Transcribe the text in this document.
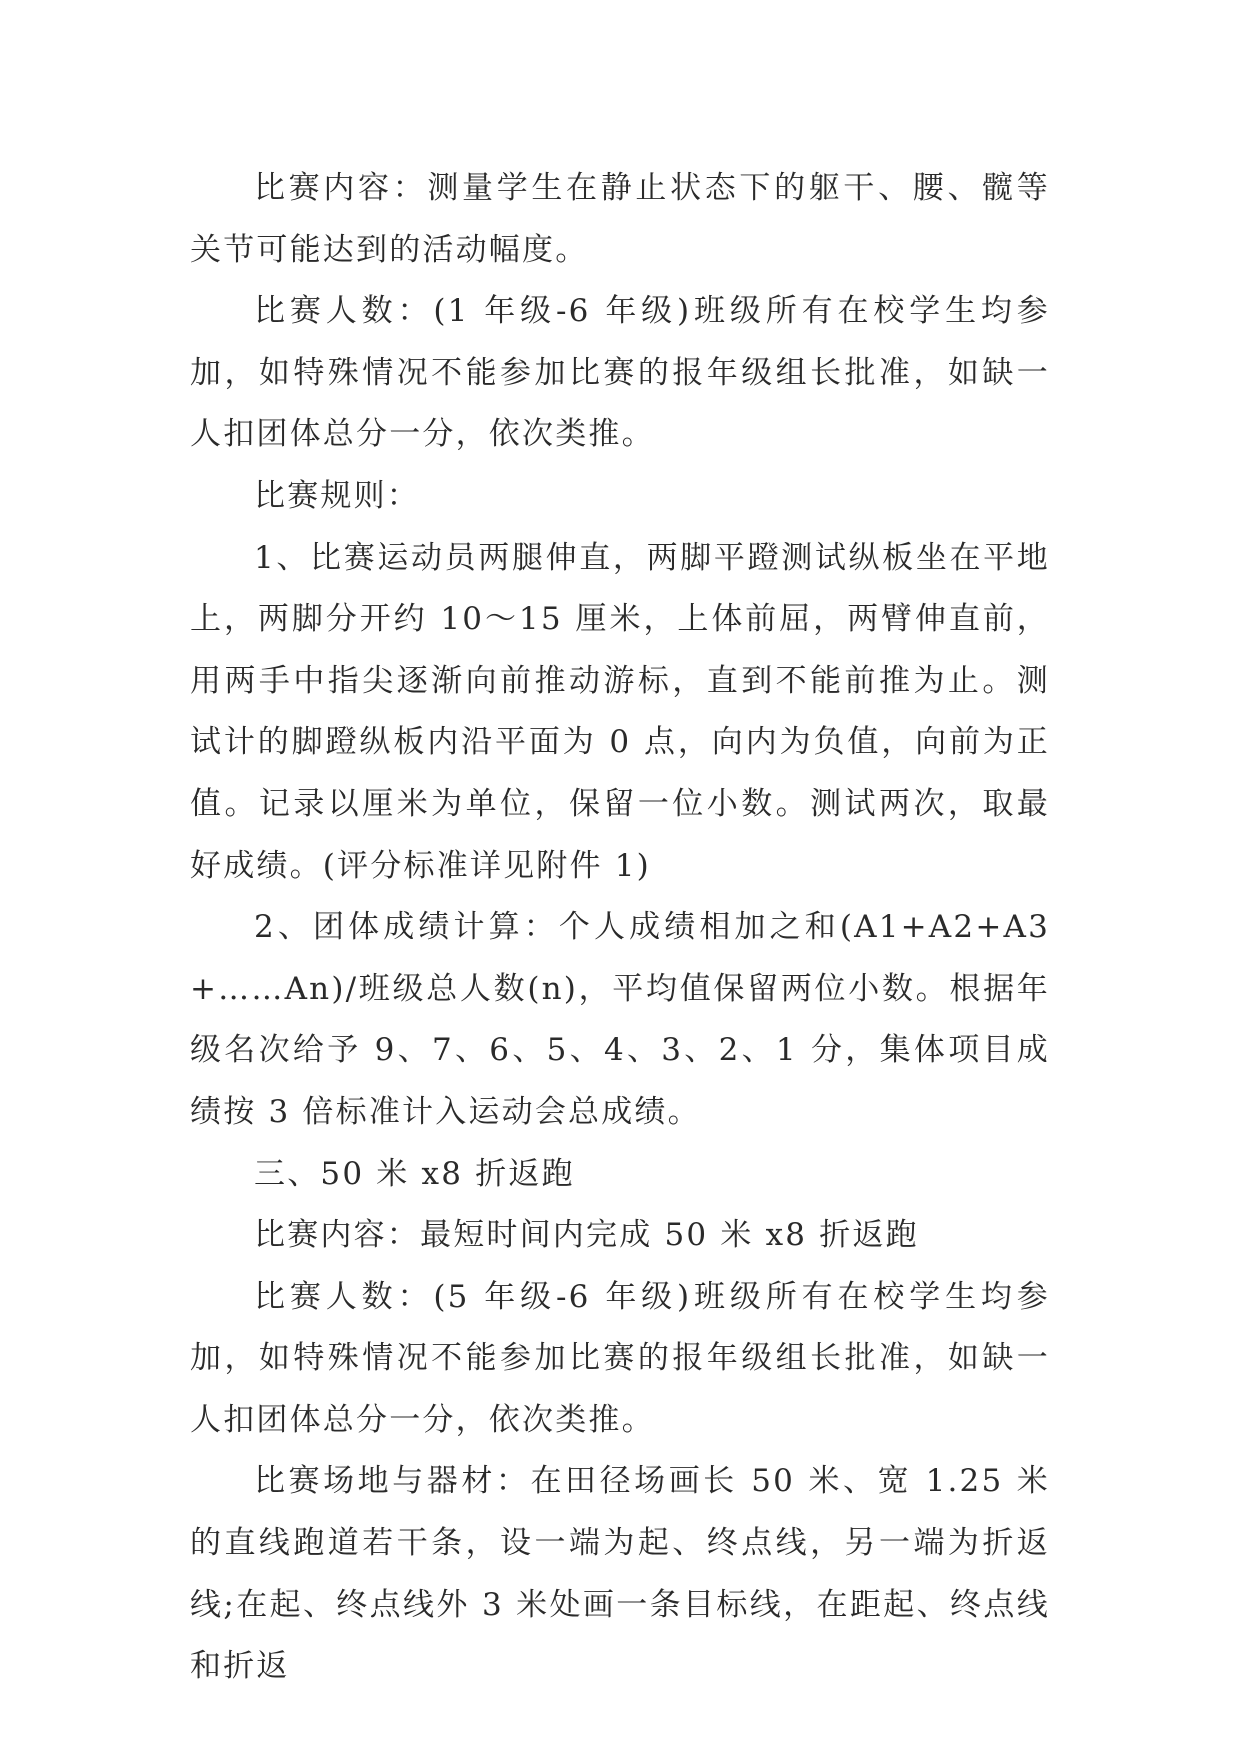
比赛内容：测量学生在静止状态下的躯干、腰、髋等关节可能达到的活动幅度。

比赛人数：(1 年级-6 年级)班级所有在校学生均参加，如特殊情况不能参加比赛的报年级组长批准，如缺一人扣团体总分一分，依次类推。

比赛规则：

1、比赛运动员两腿伸直，两脚平蹬测试纵板坐在平地上，两脚分开约 10～15 厘米，上体前屈，两臂伸直前，用两手中指尖逐渐向前推动游标，直到不能前推为止。测试计的脚蹬纵板内沿平面为 0 点，向内为负值，向前为正值。记录以厘米为单位，保留一位小数。测试两次，取最好成绩。(评分标准详见附件 1)

2、团体成绩计算：个人成绩相加之和(A1+A2+A3+……An)/班级总人数(n)，平均值保留两位小数。根据年级名次给予 9、7、6、5、4、3、2、1 分，集体项目成绩按 3 倍标准计入运动会总成绩。

三、50 米 x8 折返跑

比赛内容：最短时间内完成 50 米 x8 折返跑

比赛人数：(5 年级-6 年级)班级所有在校学生均参加，如特殊情况不能参加比赛的报年级组长批准，如缺一人扣团体总分一分，依次类推。

比赛场地与器材：在田径场画长 50 米、宽 1.25 米的直线跑道若干条，设一端为起、终点线，另一端为折返线;在起、终点线外 3 米处画一条目标线，在距起、终点线和折返
